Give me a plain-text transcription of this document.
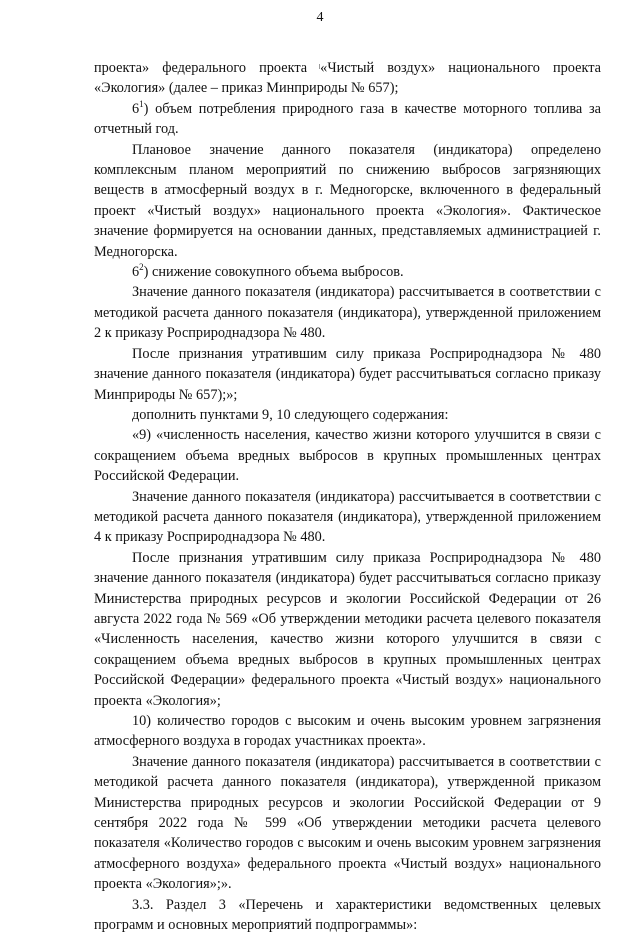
4

проекта» федерального проекта «Чистый воздух» национального проекта «Экология» (далее – приказ Минприроды № 657);

$6^1$) объем потребления природного газа в качестве моторного топлива за отчетный год.

Плановое значение данного показателя (индикатора) определено комплексным планом мероприятий по снижению выбросов загрязняющих веществ в атмосферный воздух в г. Медногорске, включенного в федеральный проект «Чистый воздух» национального проекта «Экология». Фактическое значение формируется на основании данных, представляемых администрацией г. Медногорска.

$6^2$) снижение совокупного объема выбросов.

Значение данного показателя (индикатора) рассчитывается в соответствии с методикой расчета данного показателя (индикатора), утвержденной приложением 2 к приказу Росприроднадзора № 480.

После признания утратившим силу приказа Росприроднадзора № 480 значение данного показателя (индикатора) будет рассчитываться согласно приказу Минприроды № 657);»;

дополнить пунктами 9, 10 следующего содержания:

«9) «численность населения, качество жизни которого улучшится в связи с сокращением объема вредных выбросов в крупных промышленных центрах Российской Федерации.

Значение данного показателя (индикатора) рассчитывается в соответствии с методикой расчета данного показателя (индикатора), утвержденной приложением 4 к приказу Росприроднадзора № 480.

После признания утратившим силу приказа Росприроднадзора № 480 значение данного показателя (индикатора) будет рассчитываться согласно приказу Министерства природных ресурсов и экологии Российской Федерации от 26 августа 2022 года № 569 «Об утверждении методики расчета целевого показателя «Численность населения, качество жизни которого улучшится в связи с сокращением объема вредных выбросов в крупных промышленных центрах Российской Федерации» федерального проекта «Чистый воздух» национального проекта «Экология»;

10) количество городов с высоким и очень высоким уровнем загрязнения атмосферного воздуха в городах участниках проекта».

Значение данного показателя (индикатора) рассчитывается в соответствии с методикой расчета данного показателя (индикатора), утвержденной приказом Министерства природных ресурсов и экологии Российской Федерации от 9 сентября 2022 года № 599 «Об утверждении методики расчета целевого показателя «Количество городов с высоким и очень высоким уровнем загрязнения атмосферного воздуха» федерального проекта «Чистый воздух» национального проекта «Экология»;».

3.3. Раздел 3 «Перечень и характеристики ведомственных целевых программ и основных мероприятий подпрограммы»:
